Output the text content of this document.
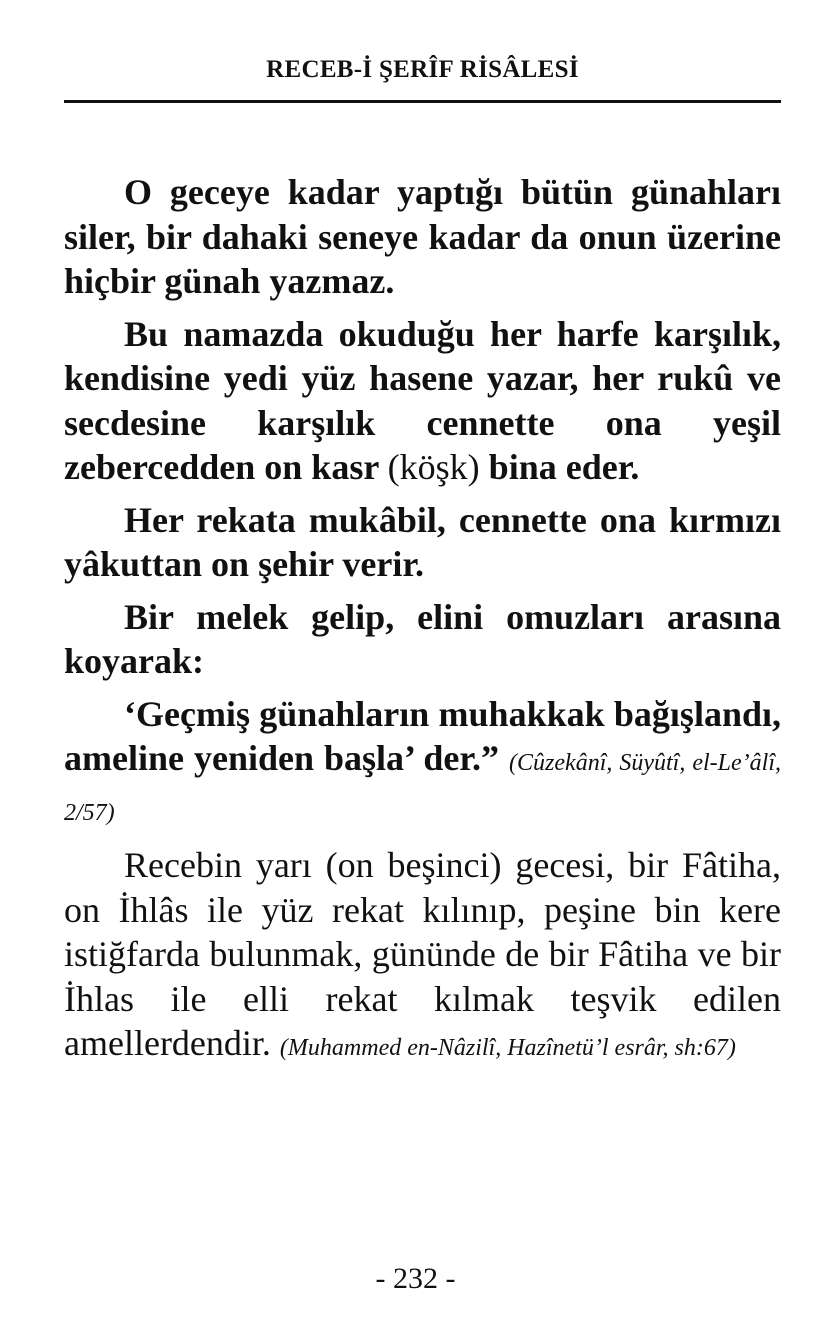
RECEB-İ ŞERÎF RİSÂLESİ

O geceye kadar yaptığı bütün günahları siler, bir dahaki seneye kadar da onun üzerine hiçbir günah yazmaz.

Bu namazda okuduğu her harfe karşılık, kendisine yedi yüz hasene yazar, her rukû ve secdesine karşılık cennette ona yeşil zebercedden on kasr (köşk) bina eder.

Her rekata mukâbil, cennette ona kırmızı yâkuttan on şehir verir.

Bir melek gelip, elini omuzları arasına koyarak:

‘Geçmiş günahların muhakkak bağışlandı, ameline yeniden başla’ der.” (Cûzekânî, Süyûtî, el-Le’âlî, 2/57)

Recebin yarı (on beşinci) gecesi, bir Fâtiha, on İhlâs ile yüz rekat kılınıp, peşine bin kere istiğfarda bulunmak, gününde de bir Fâtiha ve bir İhlas ile elli rekat kılmak teşvik edilen amellerdendir. (Muhammed en-Nâzilî, Hazînetü’l esrâr, sh:67)

- 232 -
